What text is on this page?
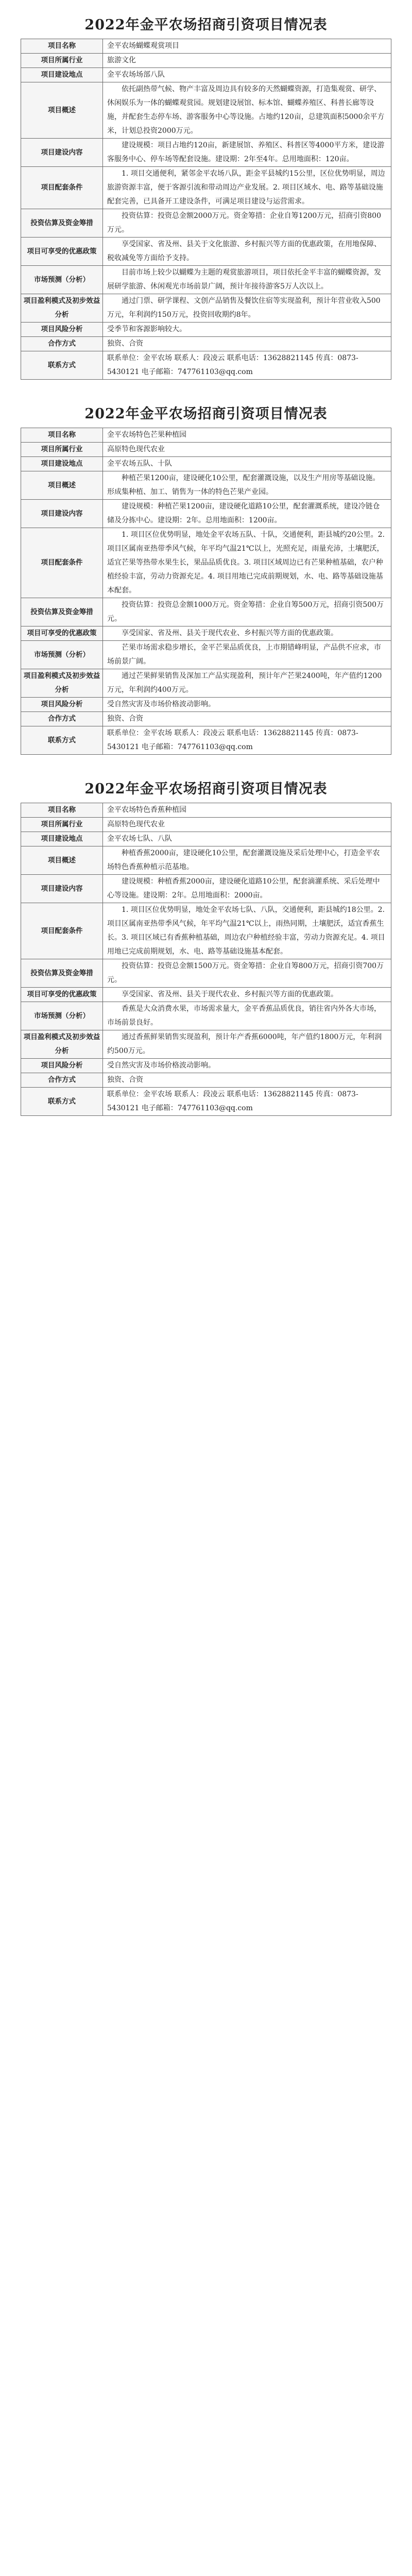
2022年金平农场招商引资项目情况表
项目名称	金平农场蝴蝶观赏项目
项目所属行业	旅游文化
项目建设地点	金平农场场部八队
项目概述	依托副热带气候、物产丰富及周边具有较多的天然蝴蝶资源，打造集观赏、研学、休闲娱乐为一体的蝴蝶观赏园。规划建设展馆、标本馆、蝴蝶养殖区、科普长廊等设施，并配套生态停车场、游客服务中心等设施。占地约120亩，总建筑面积5000余平方米，计划总投资2000万元。

项目建设内容	建设规模：项目占地约120亩，新建展馆、养殖区、科普区等4000平方米，建设游客服务中心、停车场等配套设施。建设期：2年至4年。总用地面积：120亩。

项目配套条件	1. 项目交通便利，紧邻金平农场八队，距金平县城约15公里，区位优势明显，周边旅游资源丰富，便于客源引流和带动周边产业发展。2. 项目区域水、电、路等基础设施配套完善，已具备开工建设条件，可满足项目建设与运营需求。

投资估算及资金筹措	投资估算：投资总金额2000万元。资金筹措：企业自筹1200万元，招商引资800万元。

项目可享受的优惠政策	享受国家、省及州、县关于文化旅游、乡村振兴等方面的优惠政策，在用地保障、税收减免等方面给予支持。

市场预测（分析）	目前市场上较少以蝴蝶为主题的观赏旅游项目，项目依托金平丰富的蝴蝶资源，发展研学旅游、休闲观光市场前景广阔，预计年接待游客5万人次以上。

项目盈利模式及初步效益分析	通过门票、研学课程、文创产品销售及餐饮住宿等实现盈利，预计年营业收入500万元，年利润约150万元，投资回收期约8年。

项目风险分析	受季节和客源影响较大。
合作方式	独资、合资
联系方式	联系单位：金平农场 联系人：段凌云 联系电话：13628821145 传真：0873-5430121 电子邮箱：747761103@qq.com
2022年金平农场招商引资项目情况表
项目名称	金平农场特色芒果种植园
项目所属行业	高原特色现代农业
项目建设地点	金平农场五队、十队
项目概述	种植芒果1200亩，建设硬化10公里，配套灌溉设施，以及生产用房等基础设施。形成集种植、加工、销售为一体的特色芒果产业园。

项目建设内容	建设规模：种植芒果1200亩，建设硬化道路10公里，配套灌溉系统，建设冷链仓储及分拣中心。建设期：2年。总用地面积：1200亩。

项目配套条件	1. 项目区位优势明显，地处金平农场五队、十队，交通便利，距县城约20公里。2. 项目区属南亚热带季风气候，年平均气温21℃以上，光照充足，雨量充沛，土壤肥沃，适宜芒果等热带水果生长，果品品质优良。3. 项目区域周边已有芒果种植基础，农户种植经验丰富，劳动力资源充足。4. 项目用地已完成前期规划，水、电、路等基础设施基本配套。

投资估算及资金筹措	投资估算：投资总金额1000万元。资金筹措：企业自筹500万元，招商引资500万元。

项目可享受的优惠政策	享受国家、省及州、县关于现代农业、乡村振兴等方面的优惠政策。

市场预测（分析）	芒果市场需求稳步增长，金平芒果品质优良，上市期错峰明显，产品供不应求，市场前景广阔。

项目盈利模式及初步效益分析	通过芒果鲜果销售及深加工产品实现盈利，预计年产芒果2400吨，年产值约1200万元，年利润约400万元。

项目风险分析	受自然灾害及市场价格波动影响。
合作方式	独资、合资
联系方式	联系单位：金平农场 联系人：段凌云 联系电话：13628821145 传真：0873-5430121 电子邮箱：747761103@qq.com
2022年金平农场招商引资项目情况表
项目名称	金平农场特色香蕉种植园
项目所属行业	高原特色现代农业
项目建设地点	金平农场七队、八队
项目概述	种植香蕉2000亩，建设硬化10公里，配套灌溉设施及采后处理中心，打造金平农场特色香蕉种植示范基地。

项目建设内容	建设规模：种植香蕉2000亩，建设硬化道路10公里，配套滴灌系统、采后处理中心等设施。建设期：2年。总用地面积：2000亩。

项目配套条件	1. 项目区位优势明显，地处金平农场七队、八队，交通便利，距县城约18公里。2. 项目区属南亚热带季风气候，年平均气温21℃以上，雨热同期，土壤肥沃，适宜香蕉生长。3. 项目区域已有香蕉种植基础，周边农户种植经验丰富，劳动力资源充足。4. 项目用地已完成前期规划，水、电、路等基础设施基本配套。

投资估算及资金筹措	投资估算：投资总金额1500万元。资金筹措：企业自筹800万元，招商引资700万元。

项目可享受的优惠政策	享受国家、省及州、县关于现代农业、乡村振兴等方面的优惠政策。

市场预测（分析）	香蕉是大众消费水果，市场需求量大，金平香蕉品质优良，销往省内外各大市场，市场前景良好。

项目盈利模式及初步效益分析	通过香蕉鲜果销售实现盈利，预计年产香蕉6000吨，年产值约1800万元，年利润约500万元。

项目风险分析	受自然灾害及市场价格波动影响。
合作方式	独资、合资
联系方式	联系单位：金平农场 联系人：段凌云 联系电话：13628821145 传真：0873-5430121 电子邮箱：747761103@qq.com
